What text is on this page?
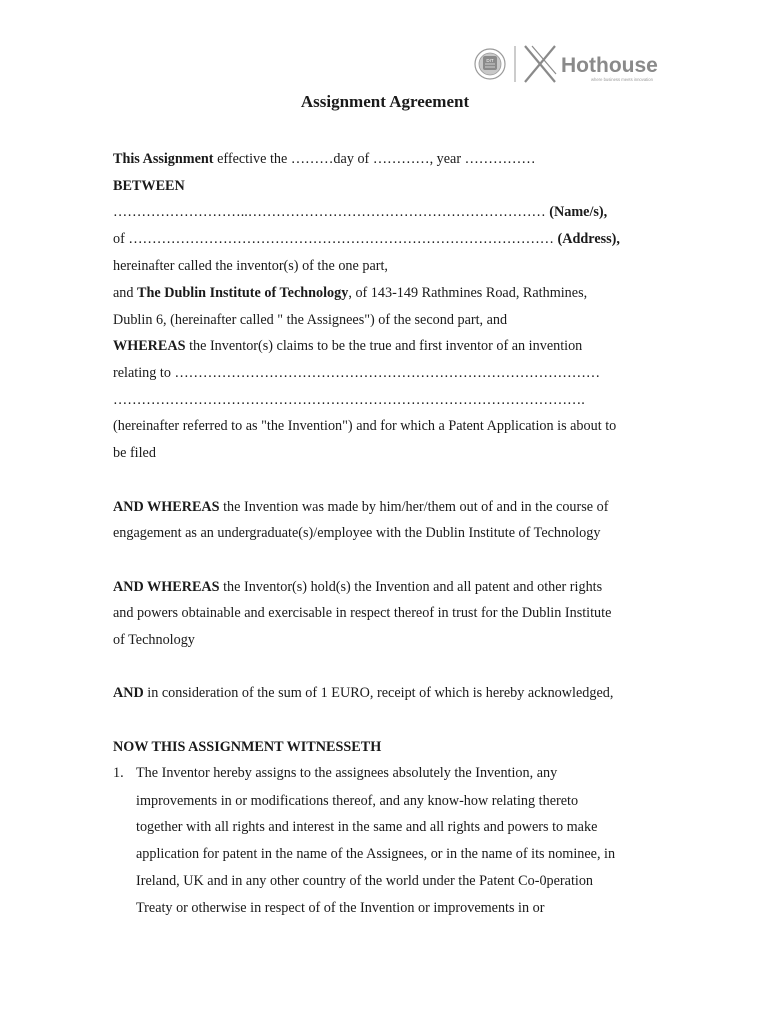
DIT	Hothouse
where business meets innovation
Assignment Agreement
This Assignment effective the ………day of …………, year ……………
BETWEEN
………………………..……………………………………………………… (Name/s),
of ……………………………………………………………………………… (Address),
hereinafter called the inventor(s) of the one part,
and The Dublin Institute of Technology, of 143-149 Rathmines Road, Rathmines,
Dublin 6, (hereinafter called " the Assignees") of the second part, and
WHEREAS the Inventor(s) claims to be the true and first inventor of an invention
relating to ………………………………………………………………………………
……………………………………………………………………………………….
(hereinafter referred to as "the Invention") and for which a Patent Application is about to
be filed
AND WHEREAS the Invention was made by him/her/them out of and in the course of
engagement as an undergraduate(s)/employee with the Dublin Institute of Technology
AND WHEREAS the Inventor(s) hold(s) the Invention and all patent and other rights
and powers obtainable and exercisable in respect thereof in trust for the Dublin Institute
of Technology
AND in consideration of the sum of 1 EURO, receipt of which is hereby acknowledged,
NOW THIS ASSIGNMENT WITNESSETH
1. The Inventor hereby assigns to the assignees absolutely the Invention, any
improvements in or modifications thereof, and any know-how relating thereto
together with all rights and interest in the same and all rights and powers to make
application for patent in the name of the Assignees, or in the name of its nominee, in
Ireland, UK and in any other country of the world under the Patent Co-0peration
Treaty or otherwise in respect of of the Invention or improvements in or
